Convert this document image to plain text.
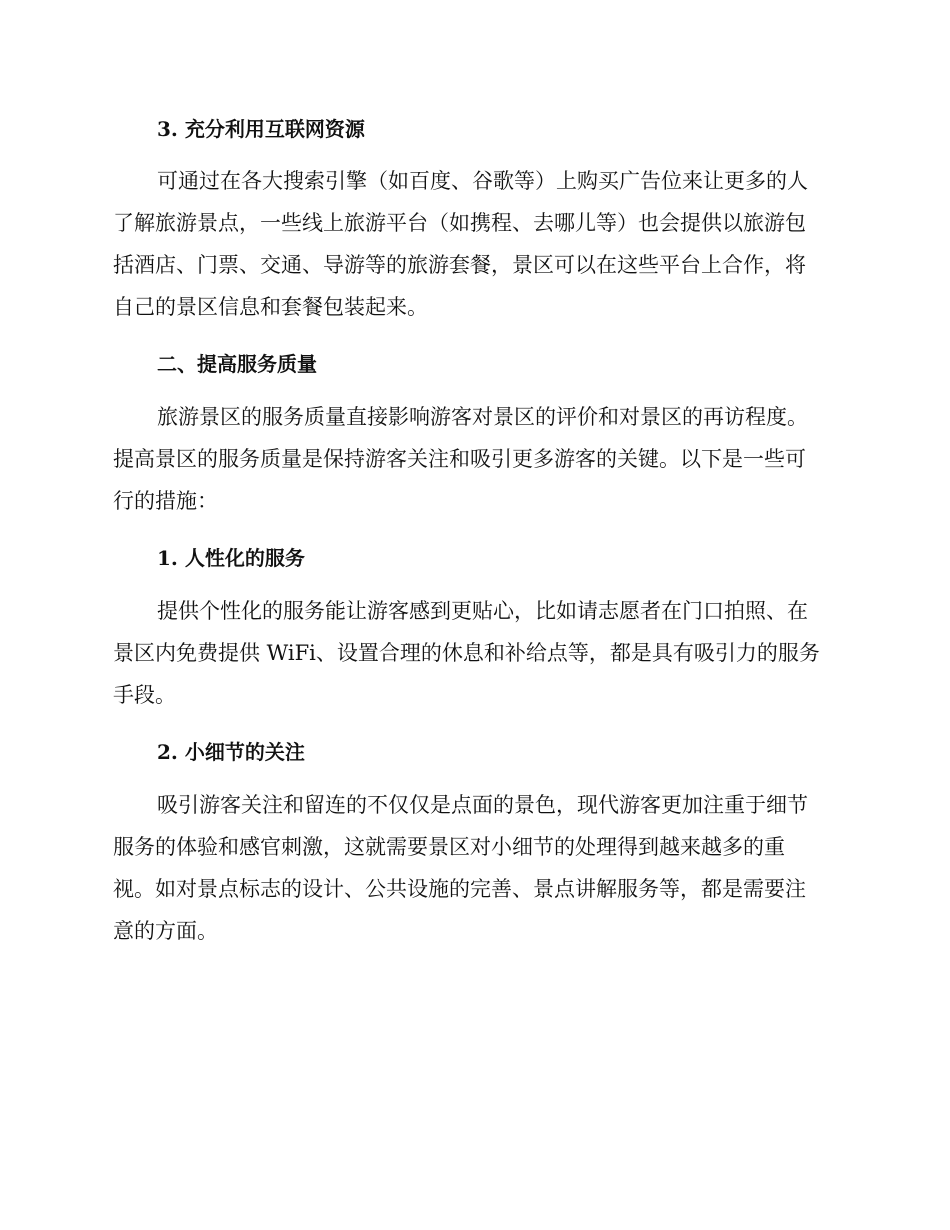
3. 充分利用互联网资源
可通过在各大搜索引擎（如百度、谷歌等）上购买广告位来让更多的人
了解旅游景点，一些线上旅游平台（如携程、去哪儿等）也会提供以旅游包
括酒店、门票、交通、导游等的旅游套餐，景区可以在这些平台上合作，将
自己的景区信息和套餐包装起来。
二、提高服务质量
旅游景区的服务质量直接影响游客对景区的评价和对景区的再访程度。
提高景区的服务质量是保持游客关注和吸引更多游客的关键。以下是一些可
行的措施：
1. 人性化的服务
提供个性化的服务能让游客感到更贴心，比如请志愿者在门口拍照、在
景区内免费提供 WiFi、设置合理的休息和补给点等，都是具有吸引力的服务
手段。
2. 小细节的关注
吸引游客关注和留连的不仅仅是点面的景色，现代游客更加注重于细节
服务的体验和感官刺激，这就需要景区对小细节的处理得到越来越多的重
视。如对景点标志的设计、公共设施的完善、景点讲解服务等，都是需要注
意的方面。
